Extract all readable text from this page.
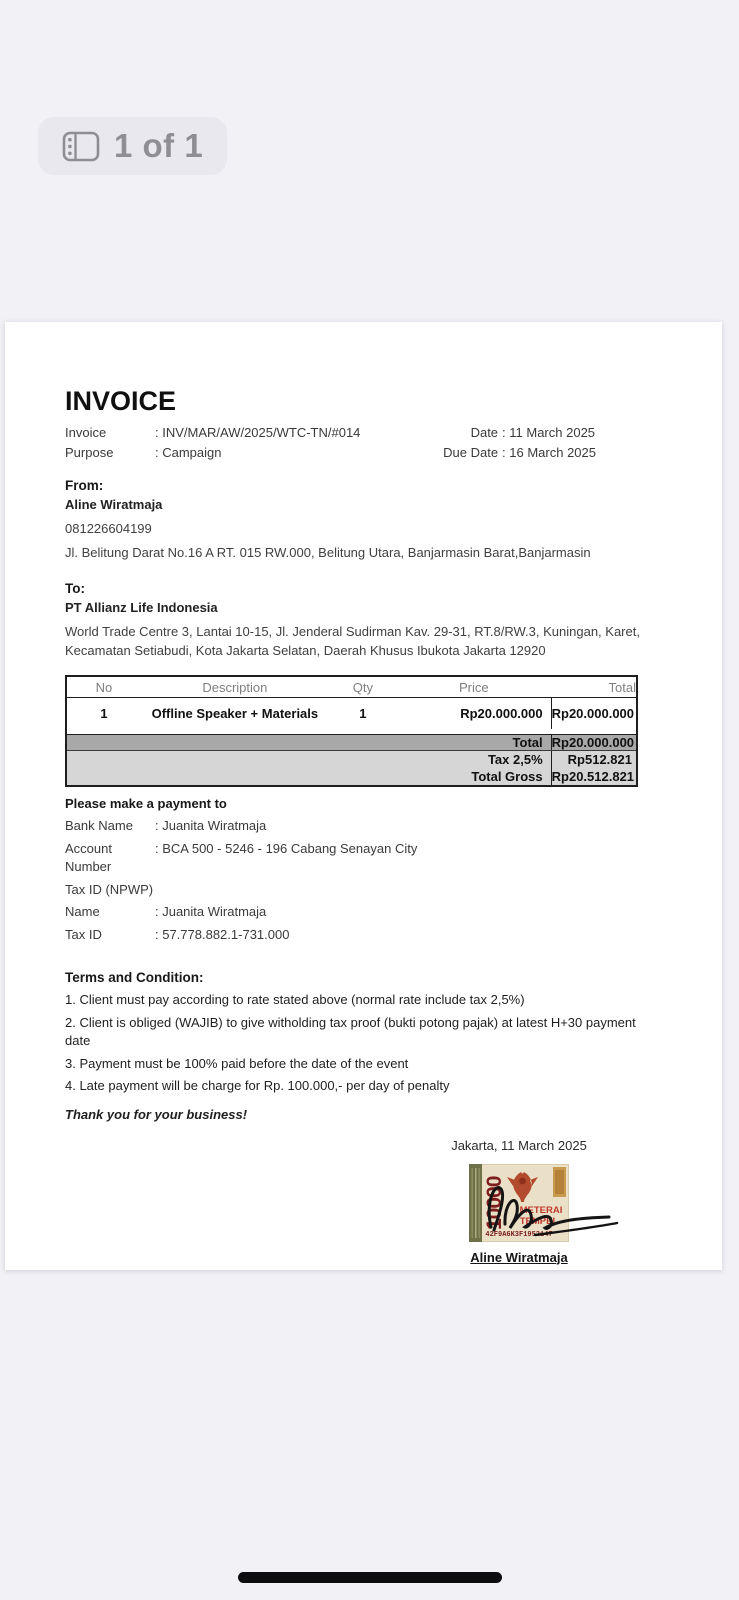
1 of 1
INVOICE
Invoice	: INV/MAR/AW/2025/WTC-TN/#014
Purpose	: Campaign
Date : 11 March 2025
Due Date : 16 March 2025
From:
Aline Wiratmaja
081226604199
Jl. Belitung Darat No.16 A RT. 015 RW.000, Belitung Utara, Banjarmasin Barat,Banjarmasin
To:
PT Allianz Life Indonesia
World Trade Centre 3, Lantai 10-15, Jl. Jenderal Sudirman Kav. 29-31, RT.8/RW.3, Kuningan, Karet,
Kecamatan Setiabudi, Kota Jakarta Selatan, Daerah Khusus Ibukota Jakarta 12920
No	Description	Qty	Price	Total
1	Offline Speaker + Materials	1	Rp20.000.000 Rp20.000.000
Total Rp20.000.000
Tax 2,5%	Rp512.821
Total Gross Rp20.512.821
Please make a payment to
Bank Name	: Juanita Wiratmaja
Account Number
: BCA 500 - 5246 - 196 Cabang Senayan City
Tax ID (NPWP)
Name	: Juanita Wiratmaja
Tax ID	: 57.778.882.1-731.000
Terms and Condition:
1. Client must pay according to rate stated above (normal rate include tax 2,5%)
2. Client is obliged (WAJIB) to give witholding tax proof (bukti potong pajak) at latest H+30 payment date
3. Payment must be 100% paid before the date of the event
4. Late payment will be charge for Rp. 100.000,- per day of penalty
Thank you for your business!
Jakarta, 11 March 2025
10000 METERAI
TEMPEL
42F9A6K3F1952147
Aline Wiratmaja
